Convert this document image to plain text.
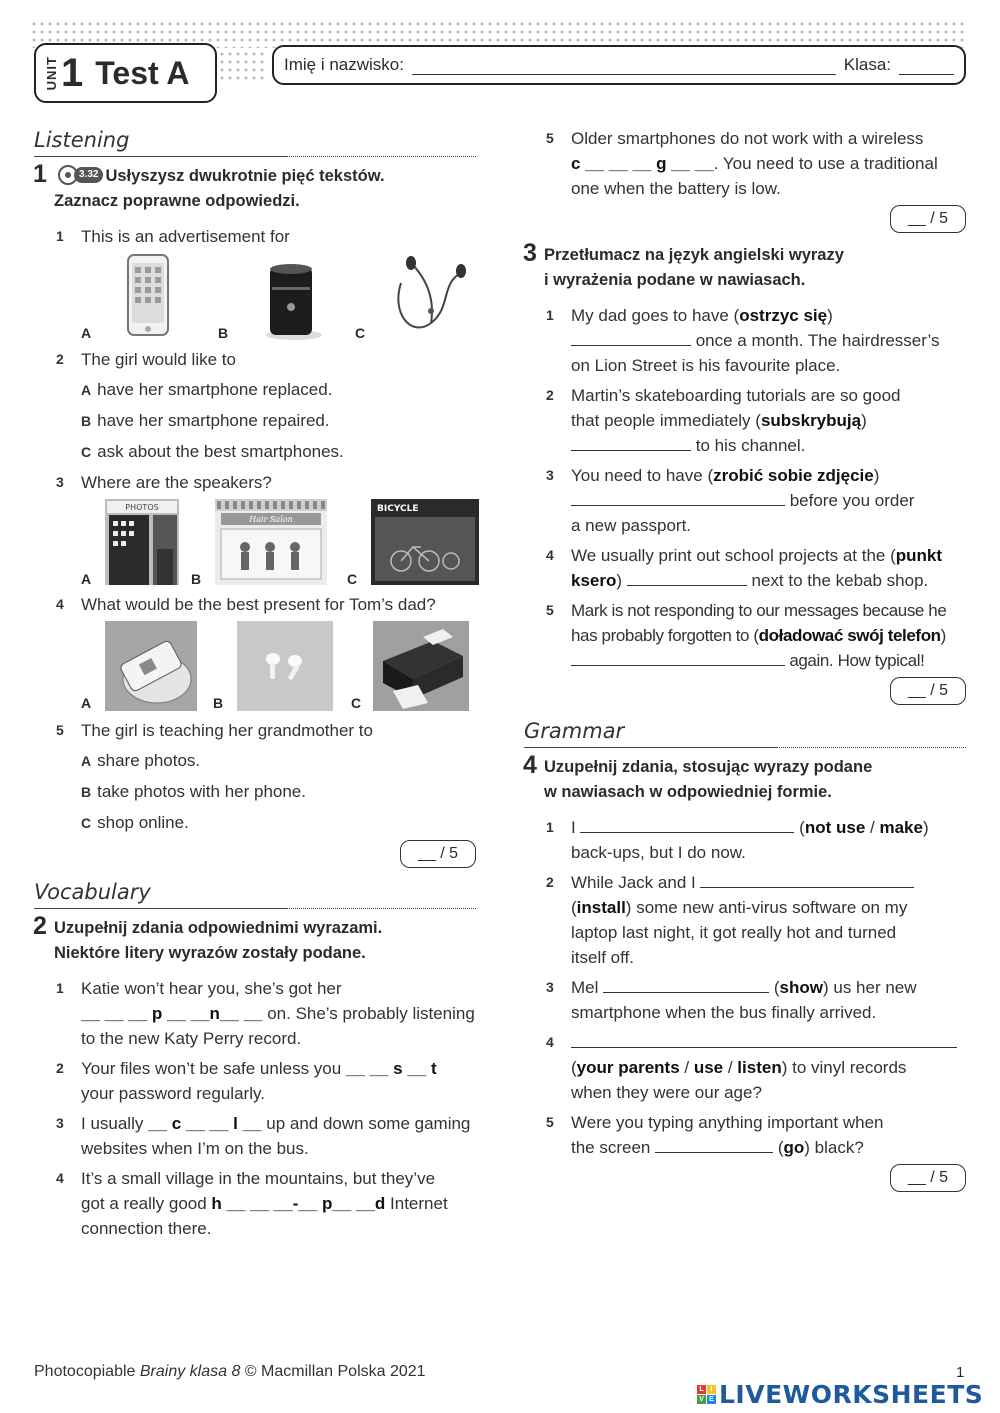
UNIT 1 Test A	Imię i nazwisko:	Klasa:
Listening
1	3.32 Usłyszysz dwukrotnie pięć tekstów.
Zaznacz poprawne odpowiedzi.
1 This is an advertisement for
A	B	C
2 The girl would like to
A have her smartphone replaced.
B have her smartphone repaired.
C ask about the best smartphones.
3 Where are the speakers?
A
PHOTOS
B
Hair Salon
C
BICYCLE
4 What would be the best present for Tom’s dad?
A	B	C
5 The girl is teaching her grandmother to
A share photos.
B take photos with her phone.
C shop online.
__ / 5
Vocabulary
2 Uzupełnij zdania odpowiednimi wyrazami.
Niektóre litery wyrazów zostały podane.
1 Katie won’t hear you, she’s got her
__ __ __ p __ __n__ __ on. She’s probably listening
to the new Katy Perry record.
2 Your files won’t be safe unless you __ __ s __ t
your password regularly.
3 I usually __ c __ __ l __ up and down some gaming
websites when I’m on the bus.
4 It’s a small village in the mountains, but they’ve
got a really good h __ __ __-__ p__ __d Internet
connection there.
5 Older smartphones do not work with a wireless
c __ __ __ g __ __. You need to use a traditional
one when the battery is low.
__ / 5
3 Przetłumacz na język angielski wyrazy
i wyrażenia podane w nawiasach.
1 My dad goes to have (ostrzyc się)
once a month. The hairdresser’s
on Lion Street is his favourite place.
2 Martin’s skateboarding tutorials are so good
that people immediately (subskrybują)
to his channel.
3 You need to have (zrobić sobie zdjęcie)
before you order
a new passport.
4 We usually print out school projects at the (punkt
ksero)	next to the kebab shop.
5 Mark is not responding to our messages because he
has probably forgotten to (doładować swój telefon)
again. How typical!
__ / 5
Grammar
4 Uzupełnij zdania, stosując wyrazy podane
w nawiasach w odpowiedniej formie.
1 I	(not use / make)
back-ups, but I do now.
2 While Jack and I
(install) some new anti-virus software on my
laptop last night, it got really hot and turned
itself off.
3 Mel	(show) us her new
smartphone when the bus finally arrived.
4

(your parents / use / listen) to vinyl records
when they were our age?
5 Were you typing anything important when
the screen	(go) black?
__ / 5
Photocopiable Brainy klasa 8 © Macmillan Polska 2021	1
L I
V E LIVEWORKSHEETS
